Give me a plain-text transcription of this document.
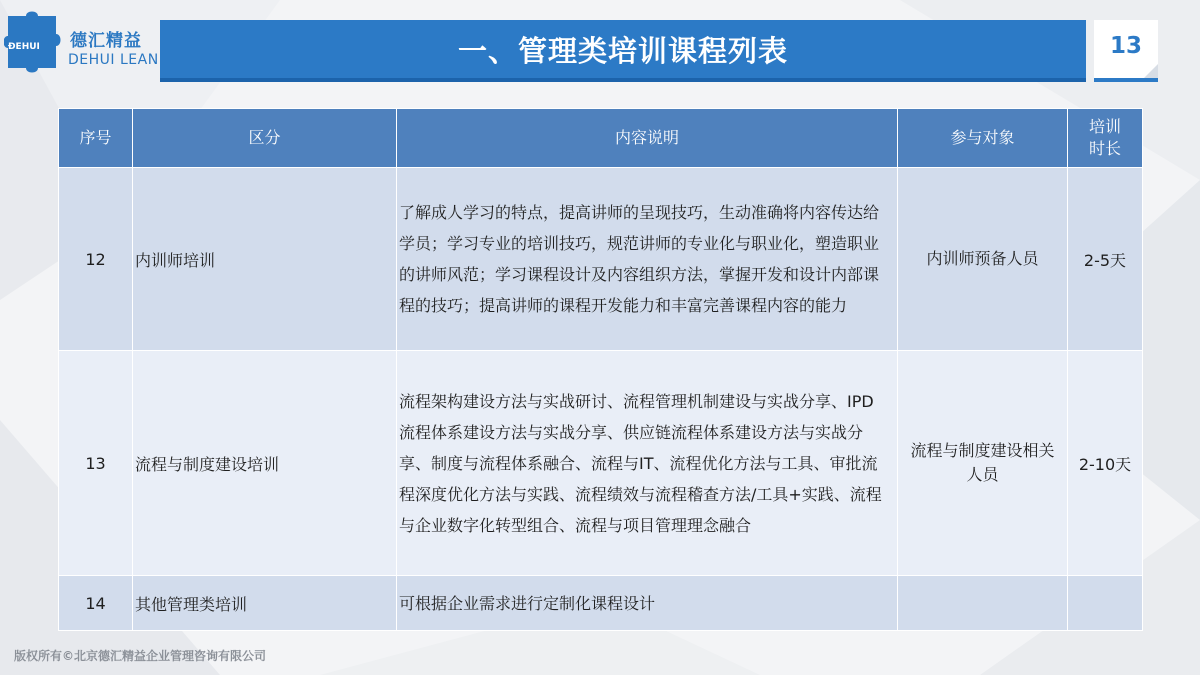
ĐEHUI 德汇精益
DEHUI LEAN	一、管理类培训课程列表	13
序号	区分	内容说明	参与对象	培训
时长
12	内训师培训	了解成人学习的特点，提高讲师的呈现技巧，生动准确将内容传达给学员；学习专业的培训技巧，规范讲师的专业化与职业化，塑造职业的讲师风范；学习课程设计及内容组织方法，掌握开发和设计内部课程的技巧；提高讲师的课程开发能力和丰富完善课程内容的能力	内训师预备人员	2-5天
13	流程与制度建设培训	流程架构建设方法与实战研讨、流程管理机制建设与实战分享、IPD流程体系建设方法与实战分享、供应链流程体系建设方法与实战分享、制度与流程体系融合、流程与IT、流程优化方法与工具、审批流程深度优化方法与实践、流程绩效与流程稽查方法/工具+实践、流程与企业数字化转型组合、流程与项目管理理念融合	流程与制度建设相关人员	2-10天
14	其他管理类培训	可根据企业需求进行定制化课程设计		
版权所有©北京德汇精益企业管理咨询有限公司
